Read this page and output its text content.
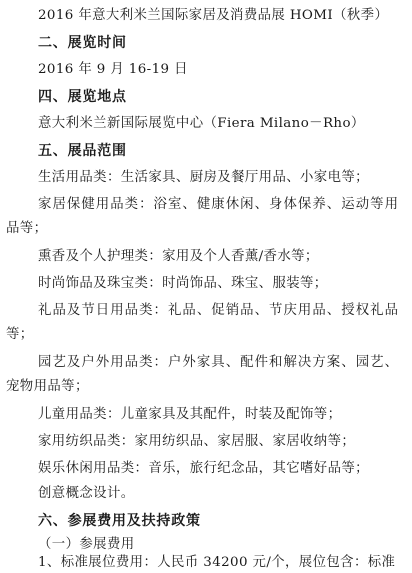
2016 年意大利米兰国际家居及消费品展 HOMI（秋季）
二、展览时间
2016 年 9 月 16-19 日
四、展览地点
意大利米兰新国际展览中心（Fiera Milano－Rho）
五、展品范围
生活用品类：生活家具、厨房及餐厅用品、小家电等；
家居保健用品类：浴室、健康休闲、身体保养、运动等用
品等；
熏香及个人护理类：家用及个人香薰/香水等；
时尚饰品及珠宝类：时尚饰品、珠宝、服装等；
礼品及节日用品类：礼品、促销品、节庆用品、授权礼品
等；
园艺及户外用品类：户外家具、配件和解决方案、园艺、
宠物用品等；
儿童用品类：儿童家具及其配件，时装及配饰等；
家用纺织品类：家用纺织品、家居服、家居收纳等；
娱乐休闲用品类：音乐，旅行纪念品，其它嗜好品等；
创意概念设计。
六、参展费用及扶持政策
（一）参展费用
1、标准展位费用：人民币 34200 元/个，展位包含：标准
